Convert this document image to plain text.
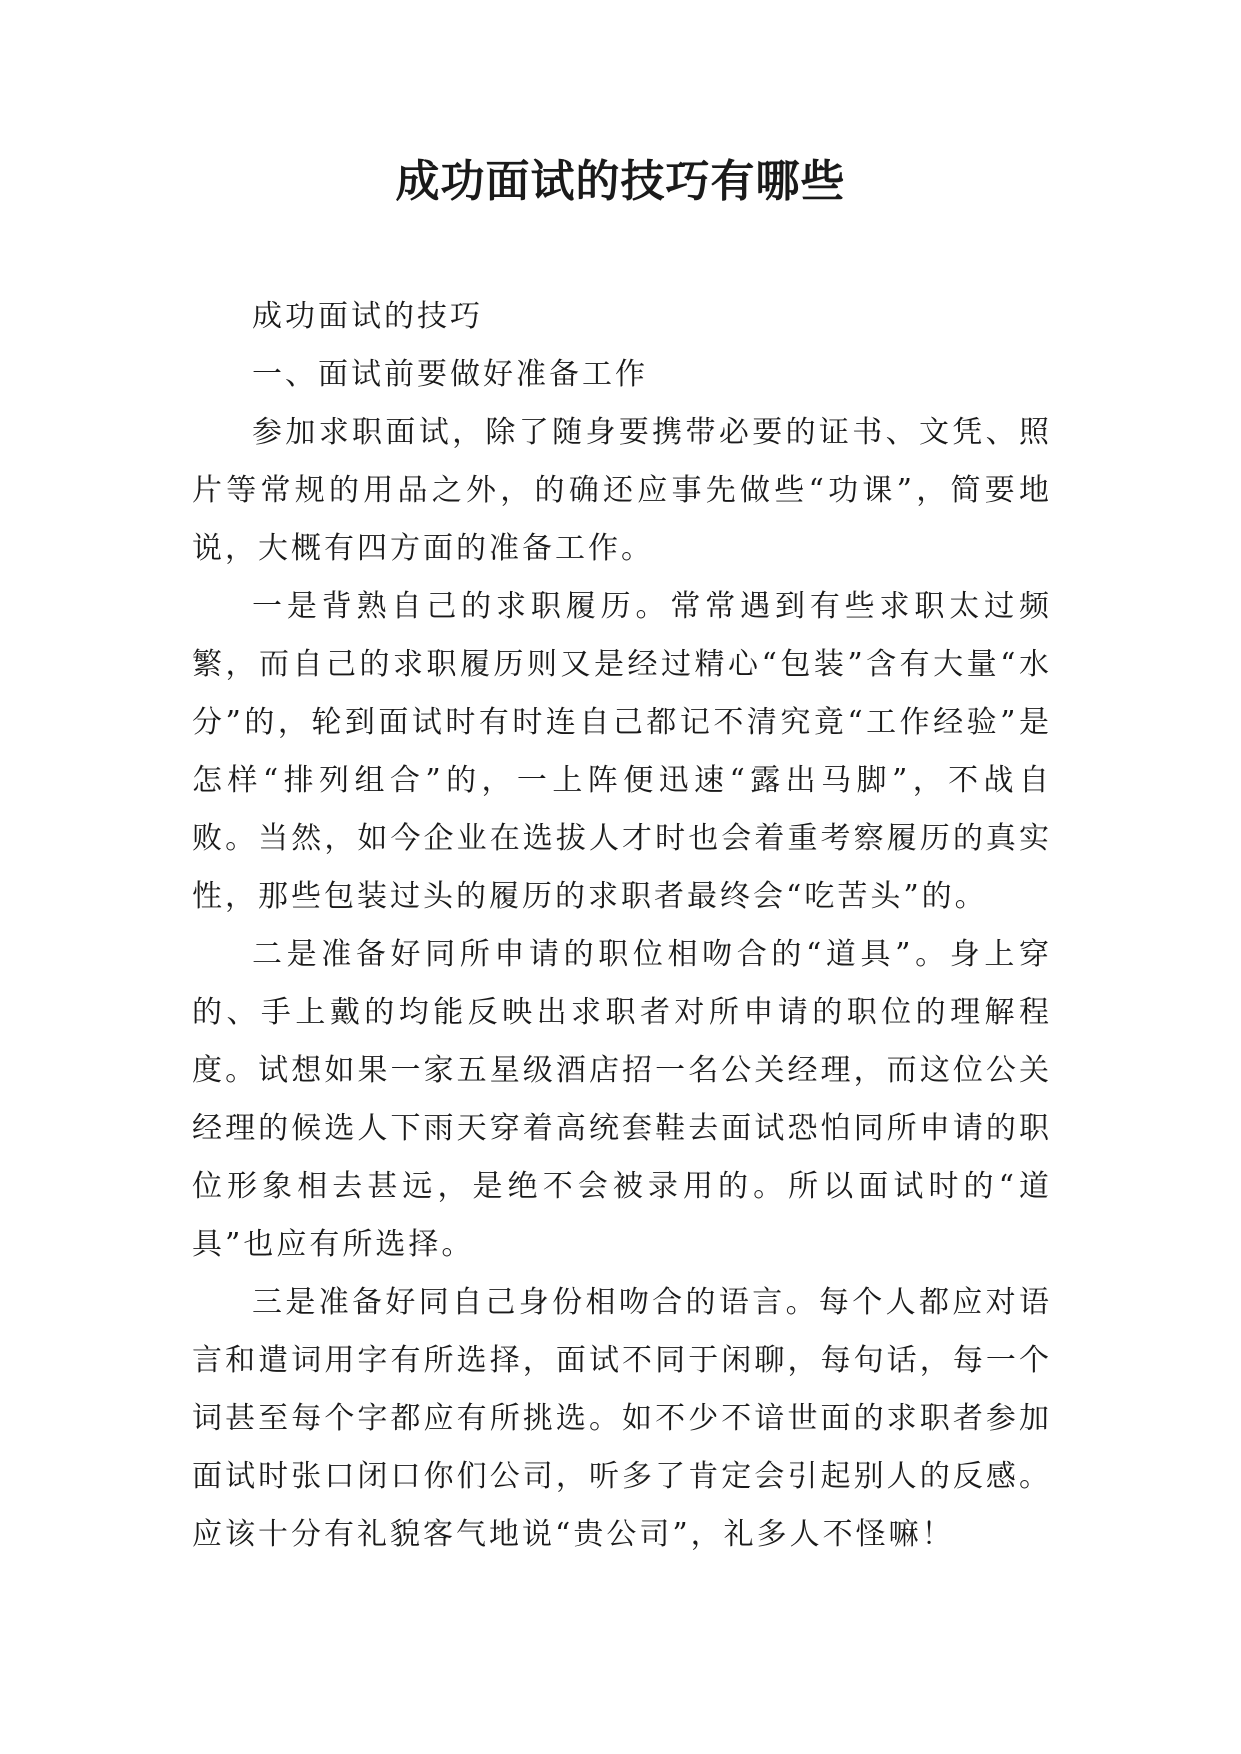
成功面试的技巧有哪些

成功面试的技巧

一、面试前要做好准备工作

参加求职面试，除了随身要携带必要的证书、文凭、照片等常规的用品之外，的确还应事先做些“功课”，简要地说，大概有四方面的准备工作。

一是背熟自己的求职履历。常常遇到有些求职太过频繁，而自己的求职履历则又是经过精心“包装”含有大量“水分”的，轮到面试时有时连自己都记不清究竟“工作经验”是怎样“排列组合”的，一上阵便迅速“露出马脚”，不战自败。当然，如今企业在选拔人才时也会着重考察履历的真实性，那些包装过头的履历的求职者最终会“吃苦头”的。

二是准备好同所申请的职位相吻合的“道具”。身上穿的、手上戴的均能反映出求职者对所申请的职位的理解程度。试想如果一家五星级酒店招一名公关经理，而这位公关经理的候选人下雨天穿着高统套鞋去面试恐怕同所申请的职位形象相去甚远，是绝不会被录用的。所以面试时的“道具”也应有所选择。

三是准备好同自己身份相吻合的语言。每个人都应对语言和遣词用字有所选择，面试不同于闲聊，每句话，每一个词甚至每个字都应有所挑选。如不少不谙世面的求职者参加面试时张口闭口你们公司，听多了肯定会引起别人的反感。应该十分有礼貌客气地说“贵公司”，礼多人不怪嘛！
